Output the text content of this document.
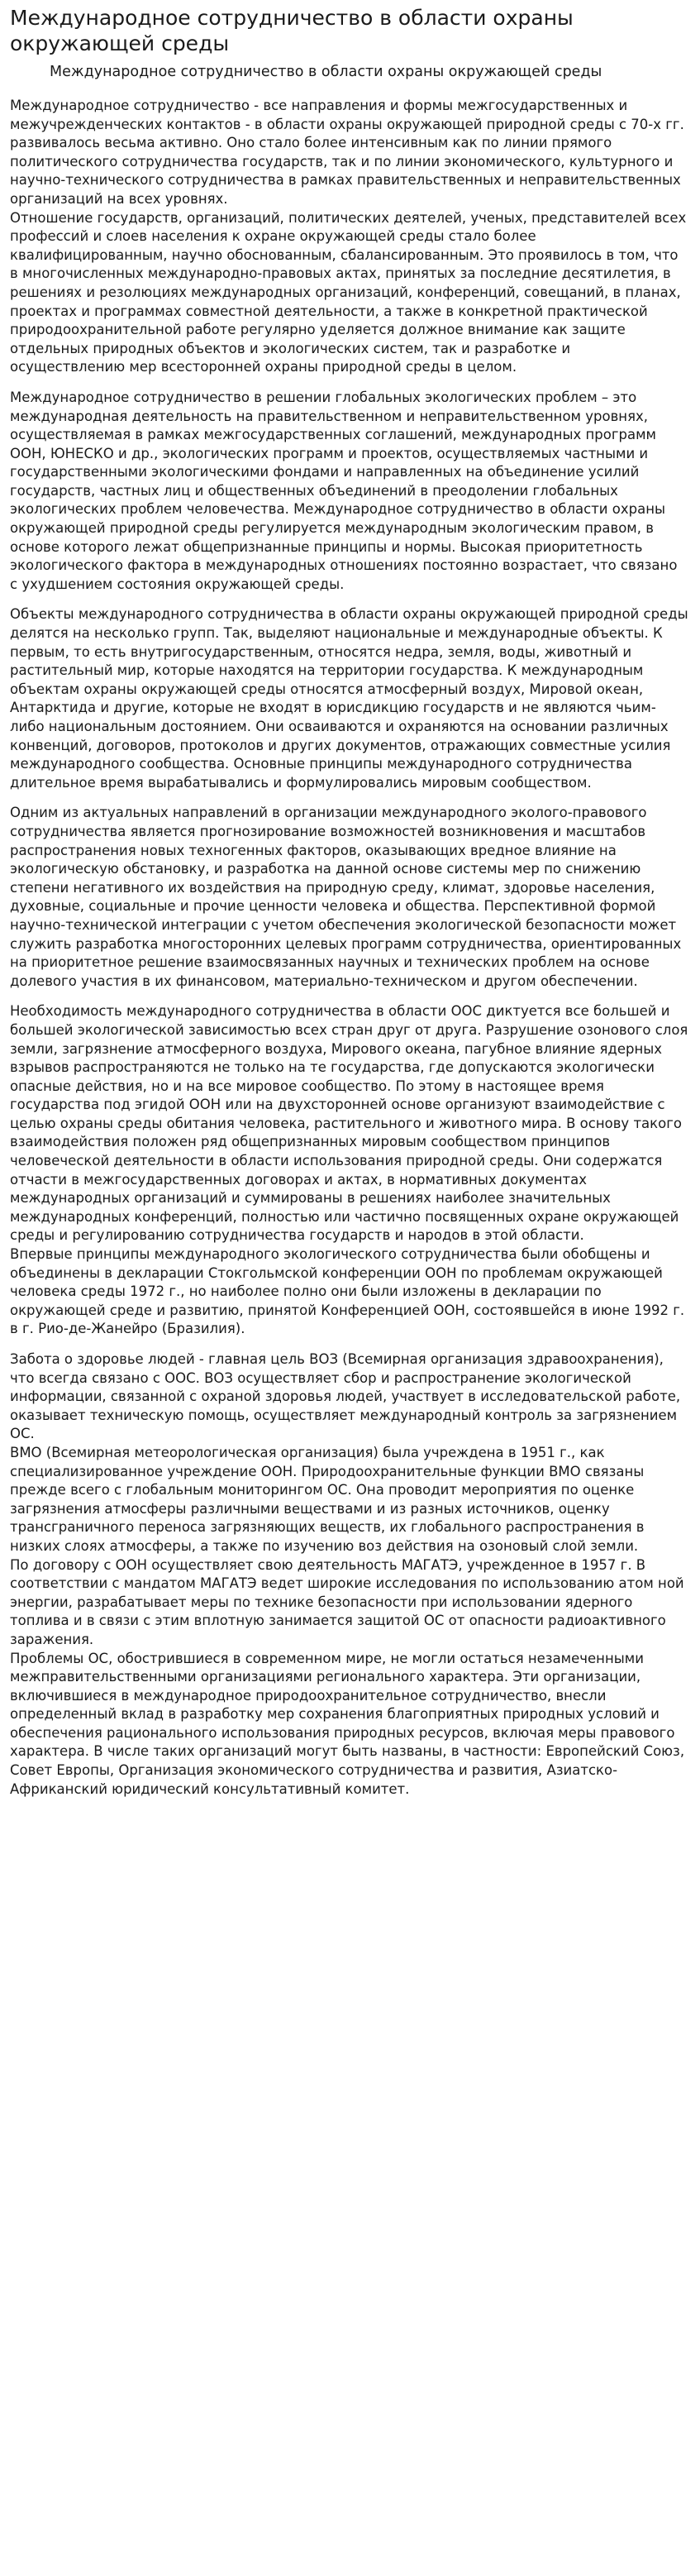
Международное сотрудничество в области охраны окружающей среды
Международное сотрудничество в области охраны окружающей среды

Международное сотрудничество - все направления и формы межгосударственных и межучрежденческих контактов - в области охраны окружающей природной среды с 70-х гг. развивалось весьма активно. Оно стало более интенсивным как по линии прямого политического сотрудничества государств, так и по линии экономического, культурного и научно-технического сотрудничества в рамках правительственных и неправительственных организаций на всех уровнях.
Отношение государств, организаций, политических деятелей, ученых, представителей всех профессий и слоев населения к охране окружающей среды стало более квалифицированным, научно обоснованным, сбалансированным. Это проявилось в том, что в многочисленных международно-правовых актах, принятых за последние десятилетия, в решениях и резолюциях международных организаций, конференций, совещаний, в планах, проектах и программах совместной деятельности, а также в конкретной практической природоохранительной работе регулярно уделяется должное внимание как защите отдельных природных объектов и экологических систем, так и разработке и осуществлению мер всесторонней охраны природной среды в целом.

Международное сотрудничество в решении глобальных экологических проблем – это международная деятельность на правительственном и неправительственном уровнях, осуществляемая в рамках межгосударственных соглашений, международных программ ООН, ЮНЕСКО и др., экологических программ и проектов, осуществляемых частными и государственными экологическими фондами и направленных на объединение усилий государств, частных лиц и общественных объединений в преодолении глобальных экологических проблем человечества. Международное сотрудничество в области охраны окружающей природной среды регулируется международным экологическим правом, в основе которого лежат общепризнанные принципы и нормы. Высокая приоритетность экологического фактора в международных отношениях постоянно возрастает, что связано с ухудшением состояния окружающей среды.

Объекты международного сотрудничества в области охраны окружающей природной среды делятся на несколько групп. Так, выделяют национальные и международные объекты. К первым, то есть внутригосударственным, относятся недра, земля, воды, животный и растительный мир, которые находятся на территории государства. К международным объектам охраны окружающей среды относятся атмосферный воздух, Мировой океан, Антарктида и другие, которые не входят в юрисдикцию государств и не являются чьим-либо национальным достоянием. Они осваиваются и охраняются на основании различных конвенций, договоров, протоколов и других документов, отражающих совместные усилия международного сообщества. Основные принципы международного сотрудничества длительное время вырабатывались и формулировались мировым сообществом.

Одним из актуальных направлений в организации международного эколого-правового сотрудничества является прогнозирование возможностей возникновения и масштабов распространения новых техногенных факторов, оказывающих вредное влияние на экологическую обстановку, и разработка на данной основе системы мер по снижению степени негативного их воздействия на природную среду, климат, здоровье населения, духовные, социальные и прочие ценности человека и общества. Перспективной формой научно-технической интеграции с учетом обеспечения экологической безопасности может служить разработка многосторонних целевых программ сотрудничества, ориентированных на приоритетное решение взаимосвязанных научных и технических проблем на основе долевого участия в их финансовом, материально-техническом и другом обеспечении.

Необходимость международного сотрудничества в области ООС диктуется все большей и большей экологической зависимостью всех стран друг от друга. Разрушение озонового слоя земли, загрязнение атмосферного воздуха, Мирового океана, пагубное влияние ядерных взрывов распространяются не только на те государства, где допускаются экологически опасные действия, но и на все мировое сообщество. По этому в настоящее время государства под эгидой ООН или на двухсторонней основе организуют взаимодействие с целью охраны среды обитания человека, растительного и животного мира. В основу такого взаимодействия положен ряд общепризнанных мировым сообществом принципов человеческой деятельности в области использования природной среды. Они содержатся отчасти в межгосударственных договорах и актах, в нормативных документах международных организаций и суммированы в решениях наиболее значительных международных конференций, полностью или частично посвященных охране окружающей среды и регулированию сотрудничества государств и народов в этой области.
Впервые принципы международного экологического сотрудничества были обобщены и объединены в декларации Стокгольмской конференции ООН по проблемам окружающей человека среды 1972 г., но наиболее полно они были изложены в декларации по окружающей среде и развитию, принятой Конференцией ООН, состоявшейся в июне 1992 г. в г. Рио-де-Жанейро (Бразилия).

Забота о здоровье людей - главная цель ВОЗ (Всемирная организация здравоохранения), что всегда связано с ООС. ВОЗ осуществляет сбор и распространение экологической информации, связанной с охраной здоровья людей, участвует в исследовательской работе, оказывает техническую помощь, осуществляет международный контроль за загрязнением ОС.
ВМО (Всемирная метеорологическая организация) была учреждена в 1951 г., как специализированное учреждение ООН. Природоохранительные функции ВМО связаны прежде всего с глобальным мониторингом ОС. Она проводит мероприятия по оценке загрязнения атмосферы различными веществами и из разных источников, оценку трансграничного переноса загрязняющих веществ, их глобального распространения в низких слоях атмосферы, а также по изучению воз действия на озоновый слой земли.
По договору с ООН осуществляет свою деятельность МАГАТЭ, учрежденное в 1957 г. В соответствии с мандатом МАГАТЭ ведет широкие исследования по использованию атом ной энергии, разрабатывает меры по технике безопасности при использовании ядерного топлива и в связи с этим вплотную занимается защитой ОС от опасности радиоактивного заражения.
Проблемы ОС, обострившиеся в современном мире, не могли остаться незамеченными межправительственными организациями регионального характера. Эти организации, включившиеся в международное природоохранительное сотрудничество, внесли определенный вклад в разработку мер сохранения благоприятных природных условий и обеспечения рационального использования природных ресурсов, включая меры правового характера. В числе таких организаций могут быть названы, в частности: Европейский Союз, Совет Европы, Организация экономического сотрудничества и развития, Азиатско-Африканский юридический консультативный комитет.
